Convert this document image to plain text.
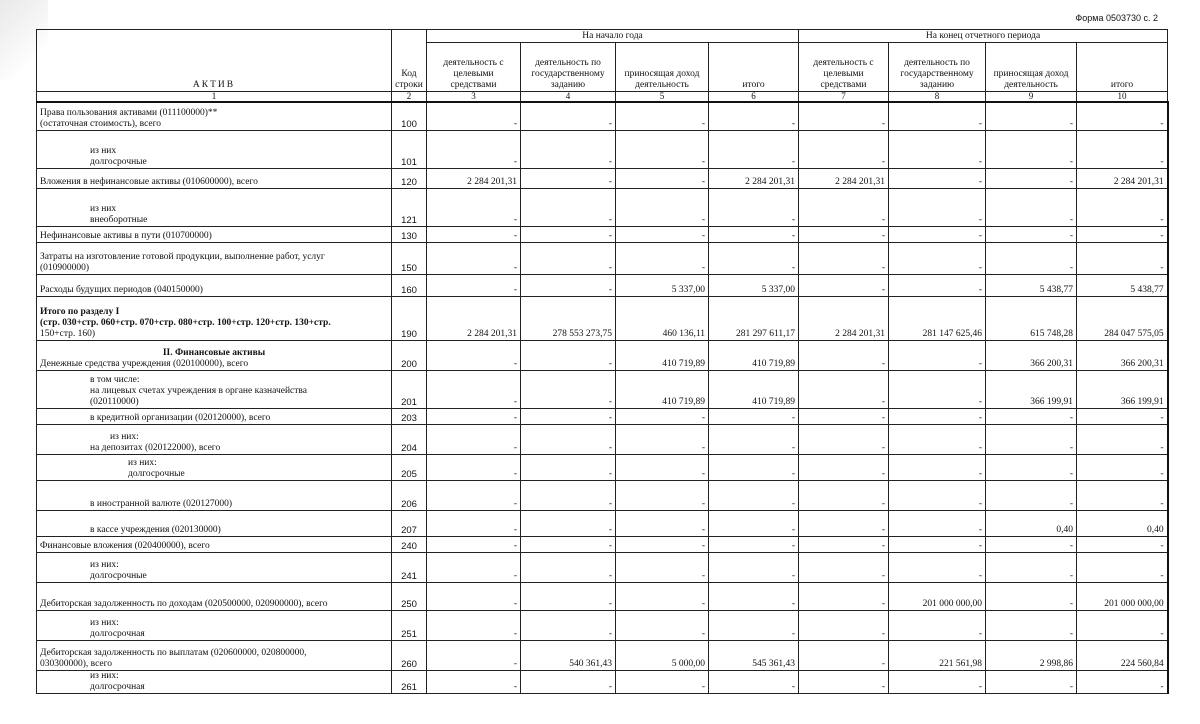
Форма 0503730 с. 2
АКТИВ	Код строки	На начало года				На конец отчетного периода			
		деятельность с целевыми средствами	деятельность по государственному заданию	приносящая доход деятельность	итого	деятельность с целевыми средствами	деятельность по государственному заданию	приносящая доход деятельность	итого
1	2	3	4	5	6	7	8	9	10

Права пользования активами (011100000)**
(остаточная стоимость), всего	100	-	-	-	-	-	-	-	-

из них
долгосрочные	101	-	-	-	-	-	-	-	-

Вложения в нефинансовые активы (010600000), всего	120	2 284 201,31	-	-	2 284 201,31	2 284 201,31	-	-	2 284 201,31

из них
внеоборотные	121	-	-	-	-	-	-	-	-

Нефинансовые активы в пути (010700000)	130	-	-	-	-	-	-	-	-

Затраты на изготовление готовой продукции, выполнение работ, услуг
(010900000)	150	-	-	-	-	-	-	-	-

Расходы будущих периодов (040150000)	160	-	-	5 337,00	5 337,00	-	-	5 438,77	5 438,77

Итого по разделу I
(стр. 030+стр. 060+стр. 070+стр. 080+стр. 100+стр. 120+стр. 130+стр.
150+стр. 160)	190	2 284 201,31	278 553 273,75	460 136,11	281 297 611,17	2 284 201,31	281 147 625,46	615 748,28	284 047 575,05

II. Финансовые активы
Денежные средства учреждения (020100000), всего	200	-	-	410 719,89	410 719,89	-	-	366 200,31	366 200,31

в том числе:
на лицевых счетах учреждения в органе казначейства
(020110000)	201	-	-	410 719,89	410 719,89	-	-	366 199,91	366 199,91

в кредитной организации (020120000), всего	203	-	-	-	-	-	-	-	-

из них:
на депозитах (020122000), всего	204	-	-	-	-	-	-	-	-

из них:
долгосрочные	205	-	-	-	-	-	-	-	-

в иностранной валюте (020127000)	206	-	-	-	-	-	-	-	-

в кассе учреждения (020130000)	207	-	-	-	-	-	-	0,40	0,40

Финансовые вложения (020400000), всего	240	-	-	-	-	-	-	-	-

из них:
долгосрочные	241	-	-	-	-	-	-	-	-

Дебиторская задолженность по доходам (020500000, 020900000), всего	250	-	-	-	-	-	201 000 000,00	-	201 000 000,00

из них:
долгосрочная	251	-	-	-	-	-	-	-	-

Дебиторская задолженность по выплатам (020600000, 020800000,
030300000), всего	260	-	540 361,43	5 000,00	545 361,43	-	221 561,98	2 998,86	224 560,84

из них:
долгосрочная	261	-	-	-	-	-	-	-	-
